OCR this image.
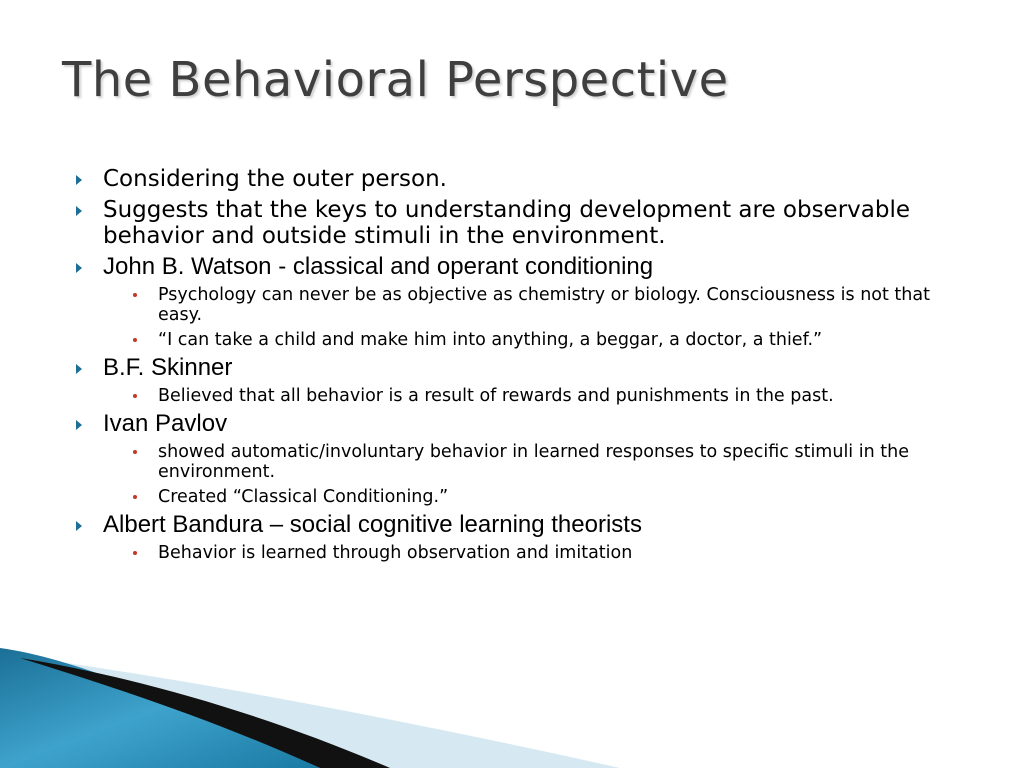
The Behavioral Perspective
Considering the outer person.
Suggests that the keys to understanding development are observable behavior and outside stimuli in the environment.
John B. Watson - classical and operant conditioning
Psychology can never be as objective as chemistry or biology. Consciousness is not that easy.
“I can take a child and make him into anything, a beggar, a doctor, a thief.”
B.F. Skinner
Believed that all behavior is a result of rewards and punishments in the past.
Ivan Pavlov
showed automatic/involuntary behavior in learned responses to specific stimuli in the environment.
Created “Classical Conditioning.”
Albert Bandura – social cognitive learning theorists
Behavior is learned through observation and imitation
